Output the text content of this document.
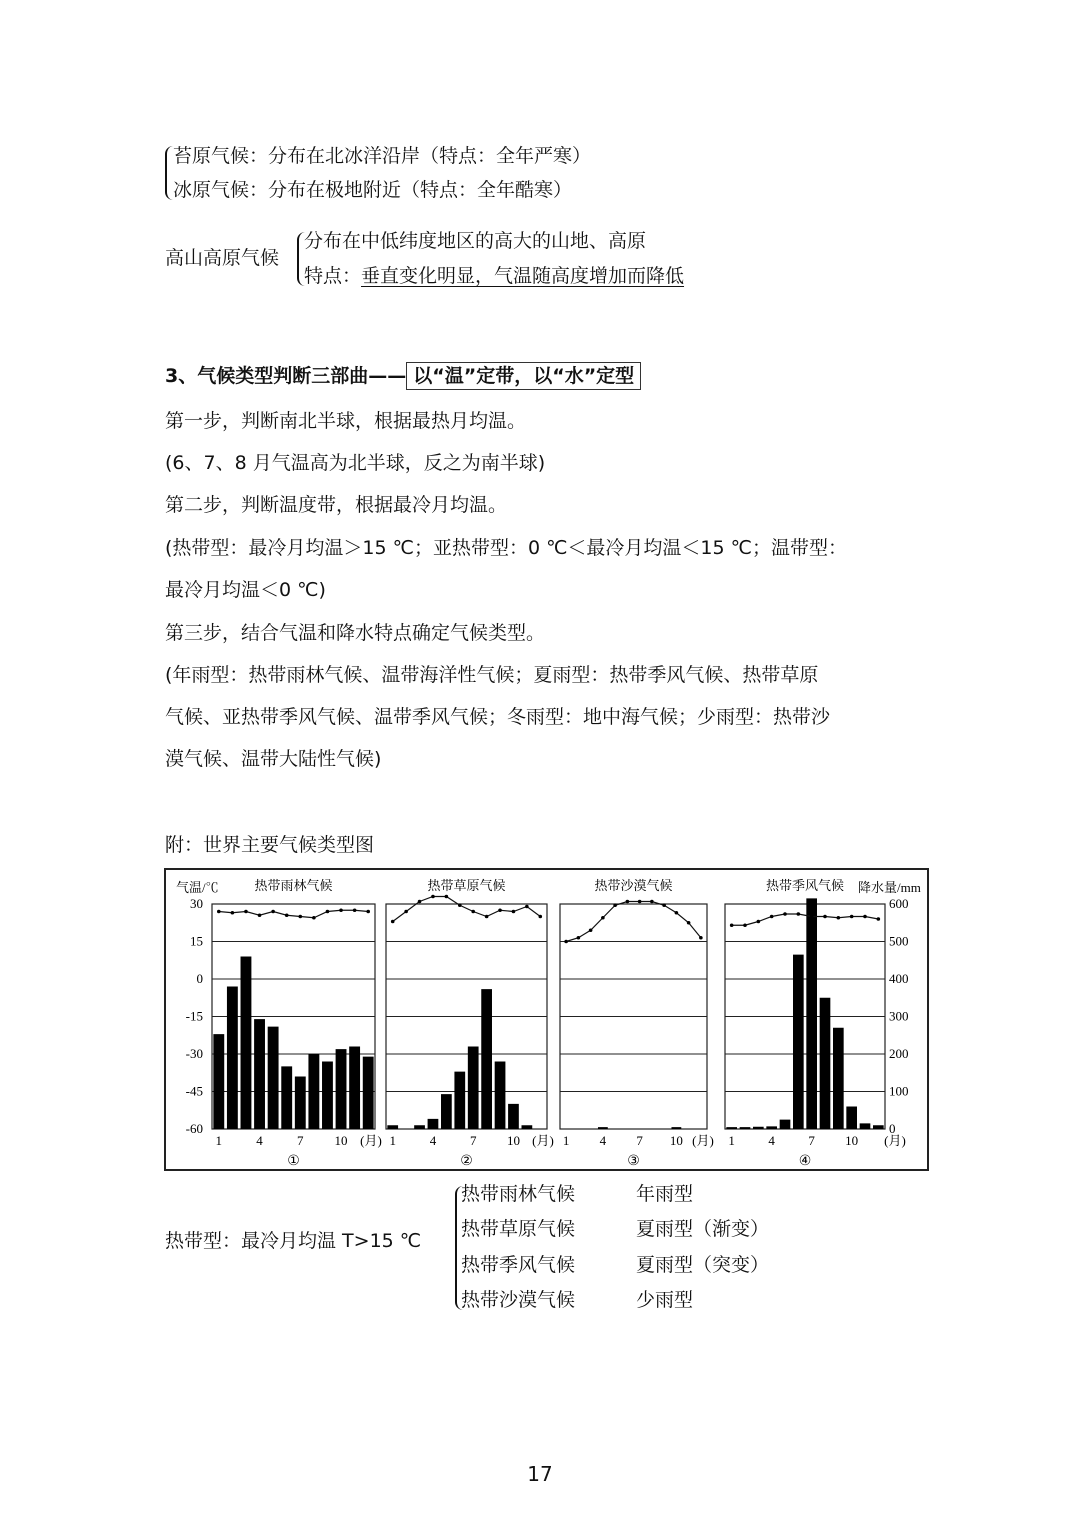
苔原气候：分布在北冰洋沿岸（特点：全年严寒）
冰原气候：分布在极地附近（特点：全年酷寒）
高山高原气候
分布在中低纬度地区的高大的山地、高原
特点：垂直变化明显，气温随高度增加而降低
3、气候类型判断三部曲—— 以“温”定带，以“水”定型
第一步，判断南北半球，根据最热月均温。
(6、7、8 月气温高为北半球，反之为南半球)
第二步，判断温度带，根据最冷月均温。
(热带型：最冷月均温＞15 ℃；亚热带型：0 ℃＜最冷月均温＜15 ℃；温带型：
最冷月均温＜0 ℃)
第三步，结合气温和降水特点确定气候类型。
(年雨型：热带雨林气候、温带海洋性气候；夏雨型：热带季风气候、热带草原
气候、亚热带季风气候、温带季风气候；冬雨型：地中海气候；少雨型：热带沙
漠气候、温带大陆性气候)
附：世界主要气候类型图
气温/℃	降水量/mm
30
15
0
-15
-30
-45
-60
600
500
400
300
200
100
0
热带雨林气候
1	4	7 10 (月)
①
热带草原气候
1	4	7 10 (月)
②
热带沙漠气候
1 4 7 10 (月)
③
热带季风气候
1	4	7 10 (月)
④
热带型：最冷月均温 T>15 ℃
热带雨林气候	年雨型
热带草原气候	夏雨型（渐变）
热带季风气候	夏雨型（突变）
热带沙漠气候	少雨型
17
